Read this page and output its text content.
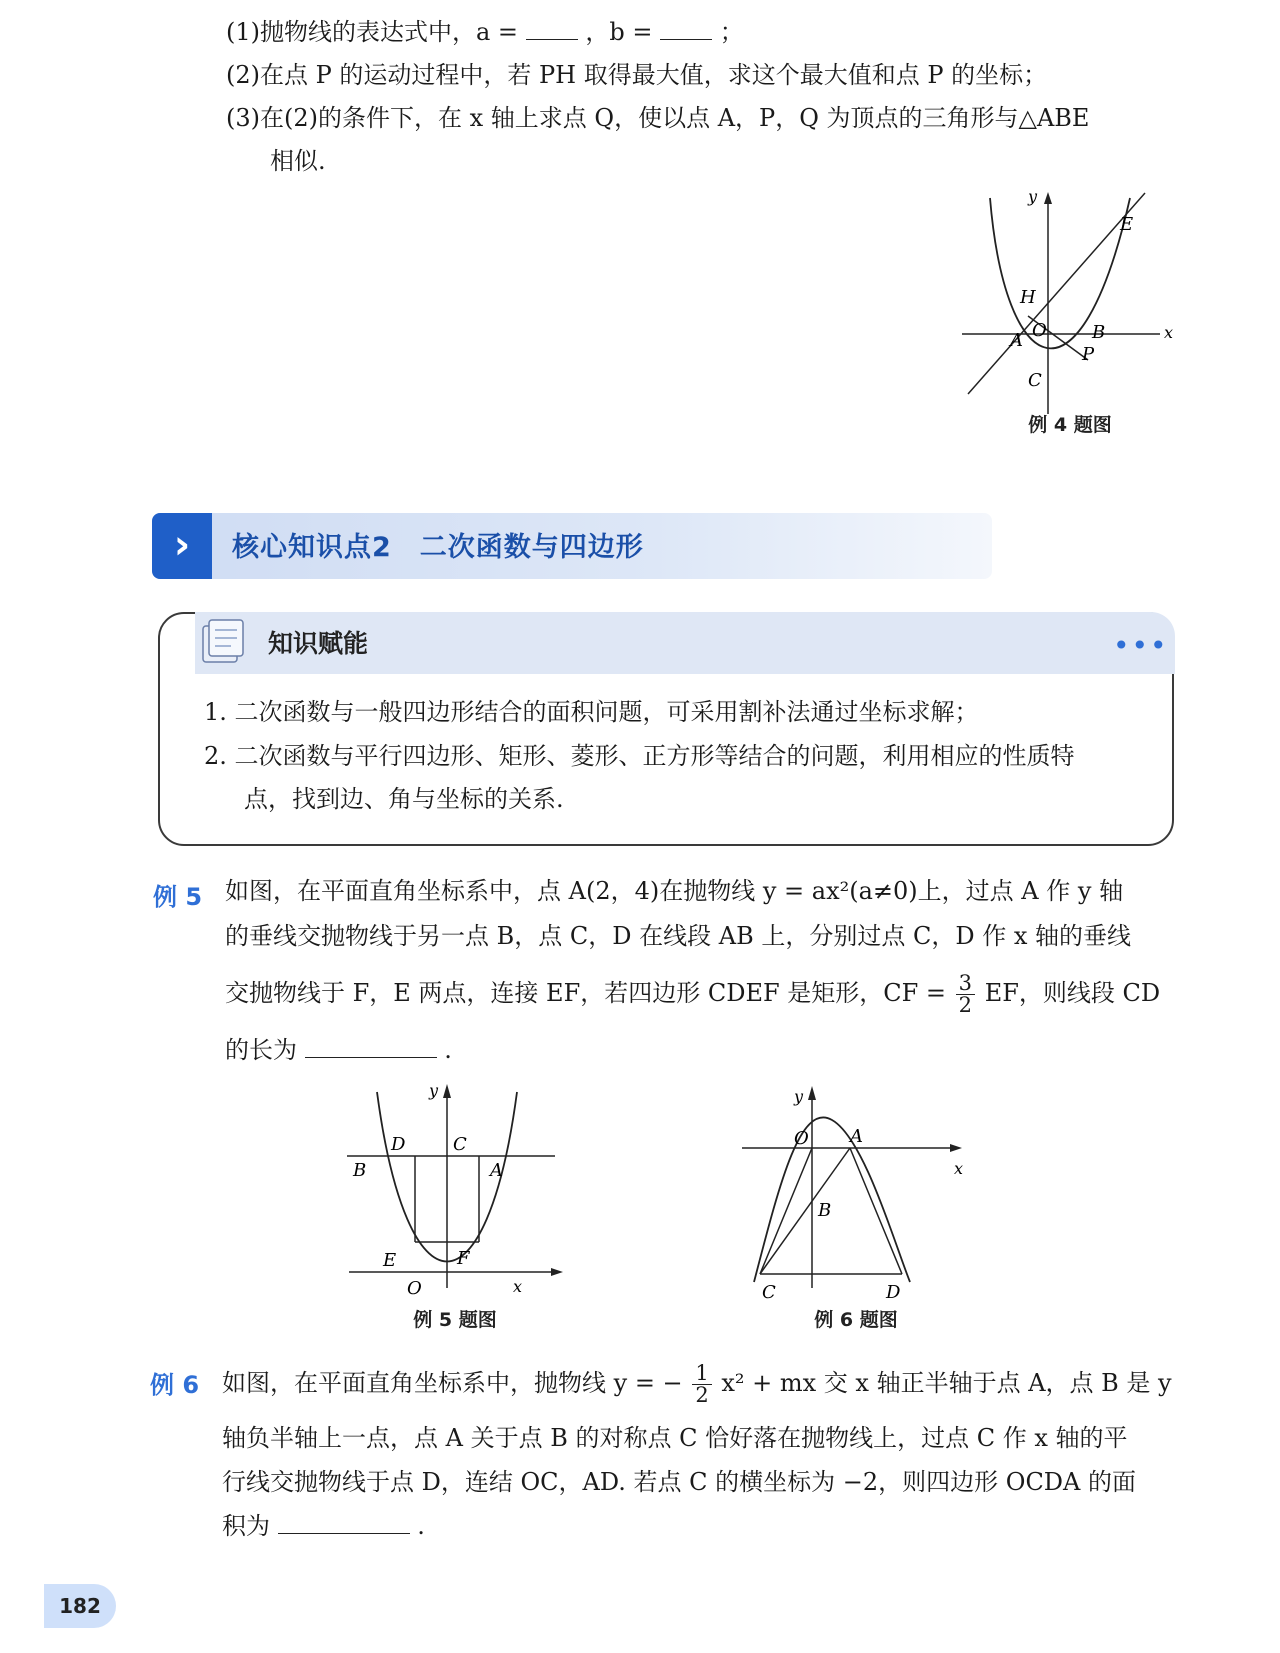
(1)抛物线的表达式中，a =	，b =	；
(2)在点 P 的运动过程中，若 PH 取得最大值，求这个最大值和点 P 的坐标；
(3)在(2)的条件下，在 x 轴上求点 Q，使以点 A，P，Q 为顶点的三角形与△ABE
相似.
y
x
E
H
A O	B
P
C
例 4 题图
›	核心知识点2　二次函数与四边形
知识赋能	•••
1. 二次函数与一般四边形结合的面积问题，可采用割补法通过坐标求解；
2. 二次函数与平行四边形、矩形、菱形、正方形等结合的问题，利用相应的性质特
点，找到边、角与坐标的关系.
例 5 如图，在平面直角坐标系中，点 A(2，4)在抛物线 y = ax²(a≠0)上，过点 A 作 y 轴
的垂线交抛物线于另一点 B，点 C，D 在线段 AB 上，分别过点 C，D 作 x 轴的垂线
交抛物线于 F，E 两点，连接 EF，若四边形 CDEF 是矩形，CF = $\frac{3}{2}$ EF，则线段 CD
的长为	.
y
x
D	C
B	A
E	F
O
例 5 题图
y
x
O A
B
C	D
例 6 题图
例 6 如图，在平面直角坐标系中，抛物线 y = − $\frac{1}{2} x^2$ + mx 交 x 轴正半轴于点 A，点 B 是 y
轴负半轴上一点，点 A 关于点 B 的对称点 C 恰好落在抛物线上，过点 C 作 x 轴的平
行线交抛物线于点 D，连结 OC，AD. 若点 C 的横坐标为 −2，则四边形 OCDA 的面
积为	.
182
